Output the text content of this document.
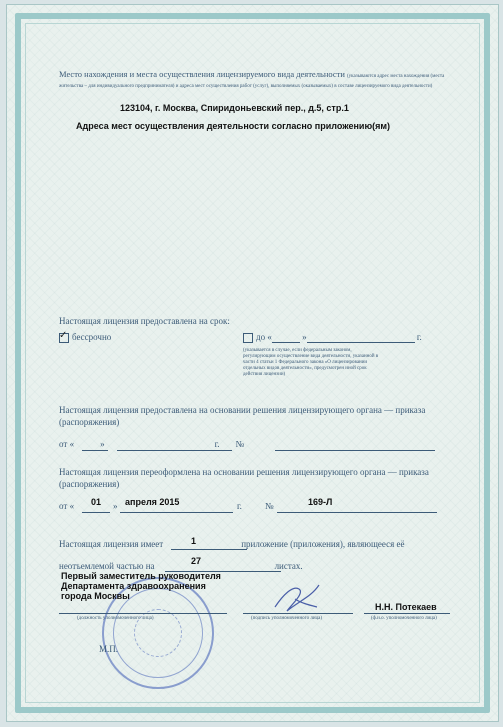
Место нахождения и места осуществления лицензируемого вида деятельности (указываются адрес места нахождения (места жительства – для индивидуального предпринимателя) и адреса мест осуществления работ (услуг), выполняемых (оказываемых) в составе лицензируемого вида деятельности)
123104, г. Москва, Спиридоньевский пер., д.5, стр.1
Адреса мест осуществления деятельности согласно приложению(ям)
Настоящая лицензия предоставлена на срок:
✓ бессрочно	до «	»	г.
(указывается в случае, если федеральным законом, регулирующим осуществление вида деятельности, указанной в части 4 статьи 1 Федерального закона «О лицензировании отдельных видов деятельности», предусмотрен иной срок действия лицензии)
Настоящая лицензия предоставлена на основании решения лицензирующего органа — приказа (распоряжения)
от «	»	г. №
Настоящая лицензия переоформлена на основании решения лицензирующего органа — приказа (распоряжения)
от « 01 » апреля 2015	г.	№	169-Л
1
Настоящая лицензия имеет	приложение (приложения), являющееся её
неотъемлемой частью на	листах.
27
Первый заместитель руководителя Департамента здравоохранения города Москвы
Н.Н. Потекаев
(должность уполномоченного лица)	(подпись уполномоченного лица)	(ф.и.о. уполномоченного лица)
М.П.
